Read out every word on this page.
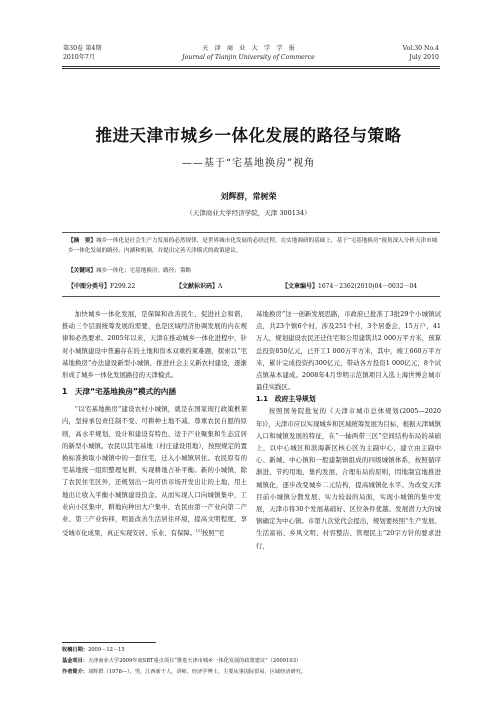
第30卷 第4期
2010年7月
天　津　商　业　大　学　学　报
Journal of Tianjin University of Commerce
Vol.30 No.4
July 2010
推进天津市城乡一体化发展的路径与策略
——基于“宅基地换房”视角
刘辉群，常树荣
（天津商业大学经济学院，天津 300134）
【摘　要】城乡一体化是社会生产力发展的必然规律，是世界城市化发展的必经过程。在实地调研的基础上，基于“宅基地换房”视角深入分析天津市城乡一体化发展的路径、内涵和机制，并提出完善天津模式的政策建议。
【关键词】城乡一体化；宅基地换房；路径；策略
【中图分类号】F299.22	【文献标识码】A	【文章编号】1674－2362(2010)04－0032－04

加快城乡一体化发展，是保障和改善民生、促进社会和谐，推动三个层面统筹发展的需要，也是区域经济协调发展的内在规律和必然要求。2005年以来，天津在推动城乡一体化进程中，针对小城镇建设中普遍存在的土地和资本双重约束难题，探索以“宅基地换房”办法建设新型小城镇，推进社会主义新农村建设，逐渐形成了城乡一体化发展路径的天津模式。

1　天津“宅基地换房”模式的内涵

“以宅基地换房”建设农村小城镇，就是在国家现行政策框架内，坚持承包责任制不变、可耕种土地不减、尊重农民自愿的原则，高水平规划、设计和建设有特色、适于产业聚集和生态宜居的新型小城镇。农民以其宅基地（村庄建设用地），按照规定的置换标准换取小城镇中的一套住宅，迁入小城镇居住。农民原有的宅基地统一组织整理复耕，实现耕地占补平衡。新的小城镇，除了农民住宅区外，还规划出一块可供市场开发出让的土地，用土地出让收入平衡小城镇建设资金。从而实现人口向城镇集中，工业向小区集中，耕地向种田大户集中，农民由第一产业向第二产业、第三产业转移，明显改善生活居住环境，提高文明程度，享受城市化成果，真正实现安居、乐业、有保障。[1]按照“宅

基地换房”这一创新发展思路，市政府已批准了3批29个小城镇试点，共23个镇6个村，涉及251个村，3个居委会，15万户，41万人，规划建设农民还迁住宅和公用建筑共2 000万平方米，预算总投资850亿元，已开工1 000万平方米，其中，竣工660万平方米，累计完成投资约300亿元，带动各方投资1 000亿元，8个试点镇基本建成。2008年4月华明示范镇项目入选上海世博会城市最佳实践区。

1.1　政府主导规划

按照国务院批复的《天津市城市总体规划(2005—2020年)》，天津市应以实现城乡和区域统筹发展为目标，根据天津城镇人口和城镇发展的特征，在“一轴两带三区”空间结构布局的基础上，以中心城区和滨海新区核心区为主副中心，建立由主副中心、新城、中心镇和一般建制镇组成的四级城镇体系，按照循序渐进、节约用地、集约发展、合理布局的原则，因地制宜地推进城镇化，逐步改变城乡二元结构，提高城镇化水平。为改变天津目前小城镇分散发展、实力较弱的局面，实现小城镇的集中发展，天津市将30个发展基础好、区位条件优越、发展潜力大的城镇确定为中心镇。市第九次党代会提出，规划要按照“生产发展、生活富裕、乡风文明、村容整洁、管理民主”20字方针的要求进行，

收稿日期：2009－12－15
基金项目：天津商业大学2009年度SBT重点项目“推进天津市城乡一体化发展的政策建议”（2009103）
作者简介：刘辉群（1978—），男，江西新干人，讲师，经济学博士，主要从事国际贸易、区域经济研究。
